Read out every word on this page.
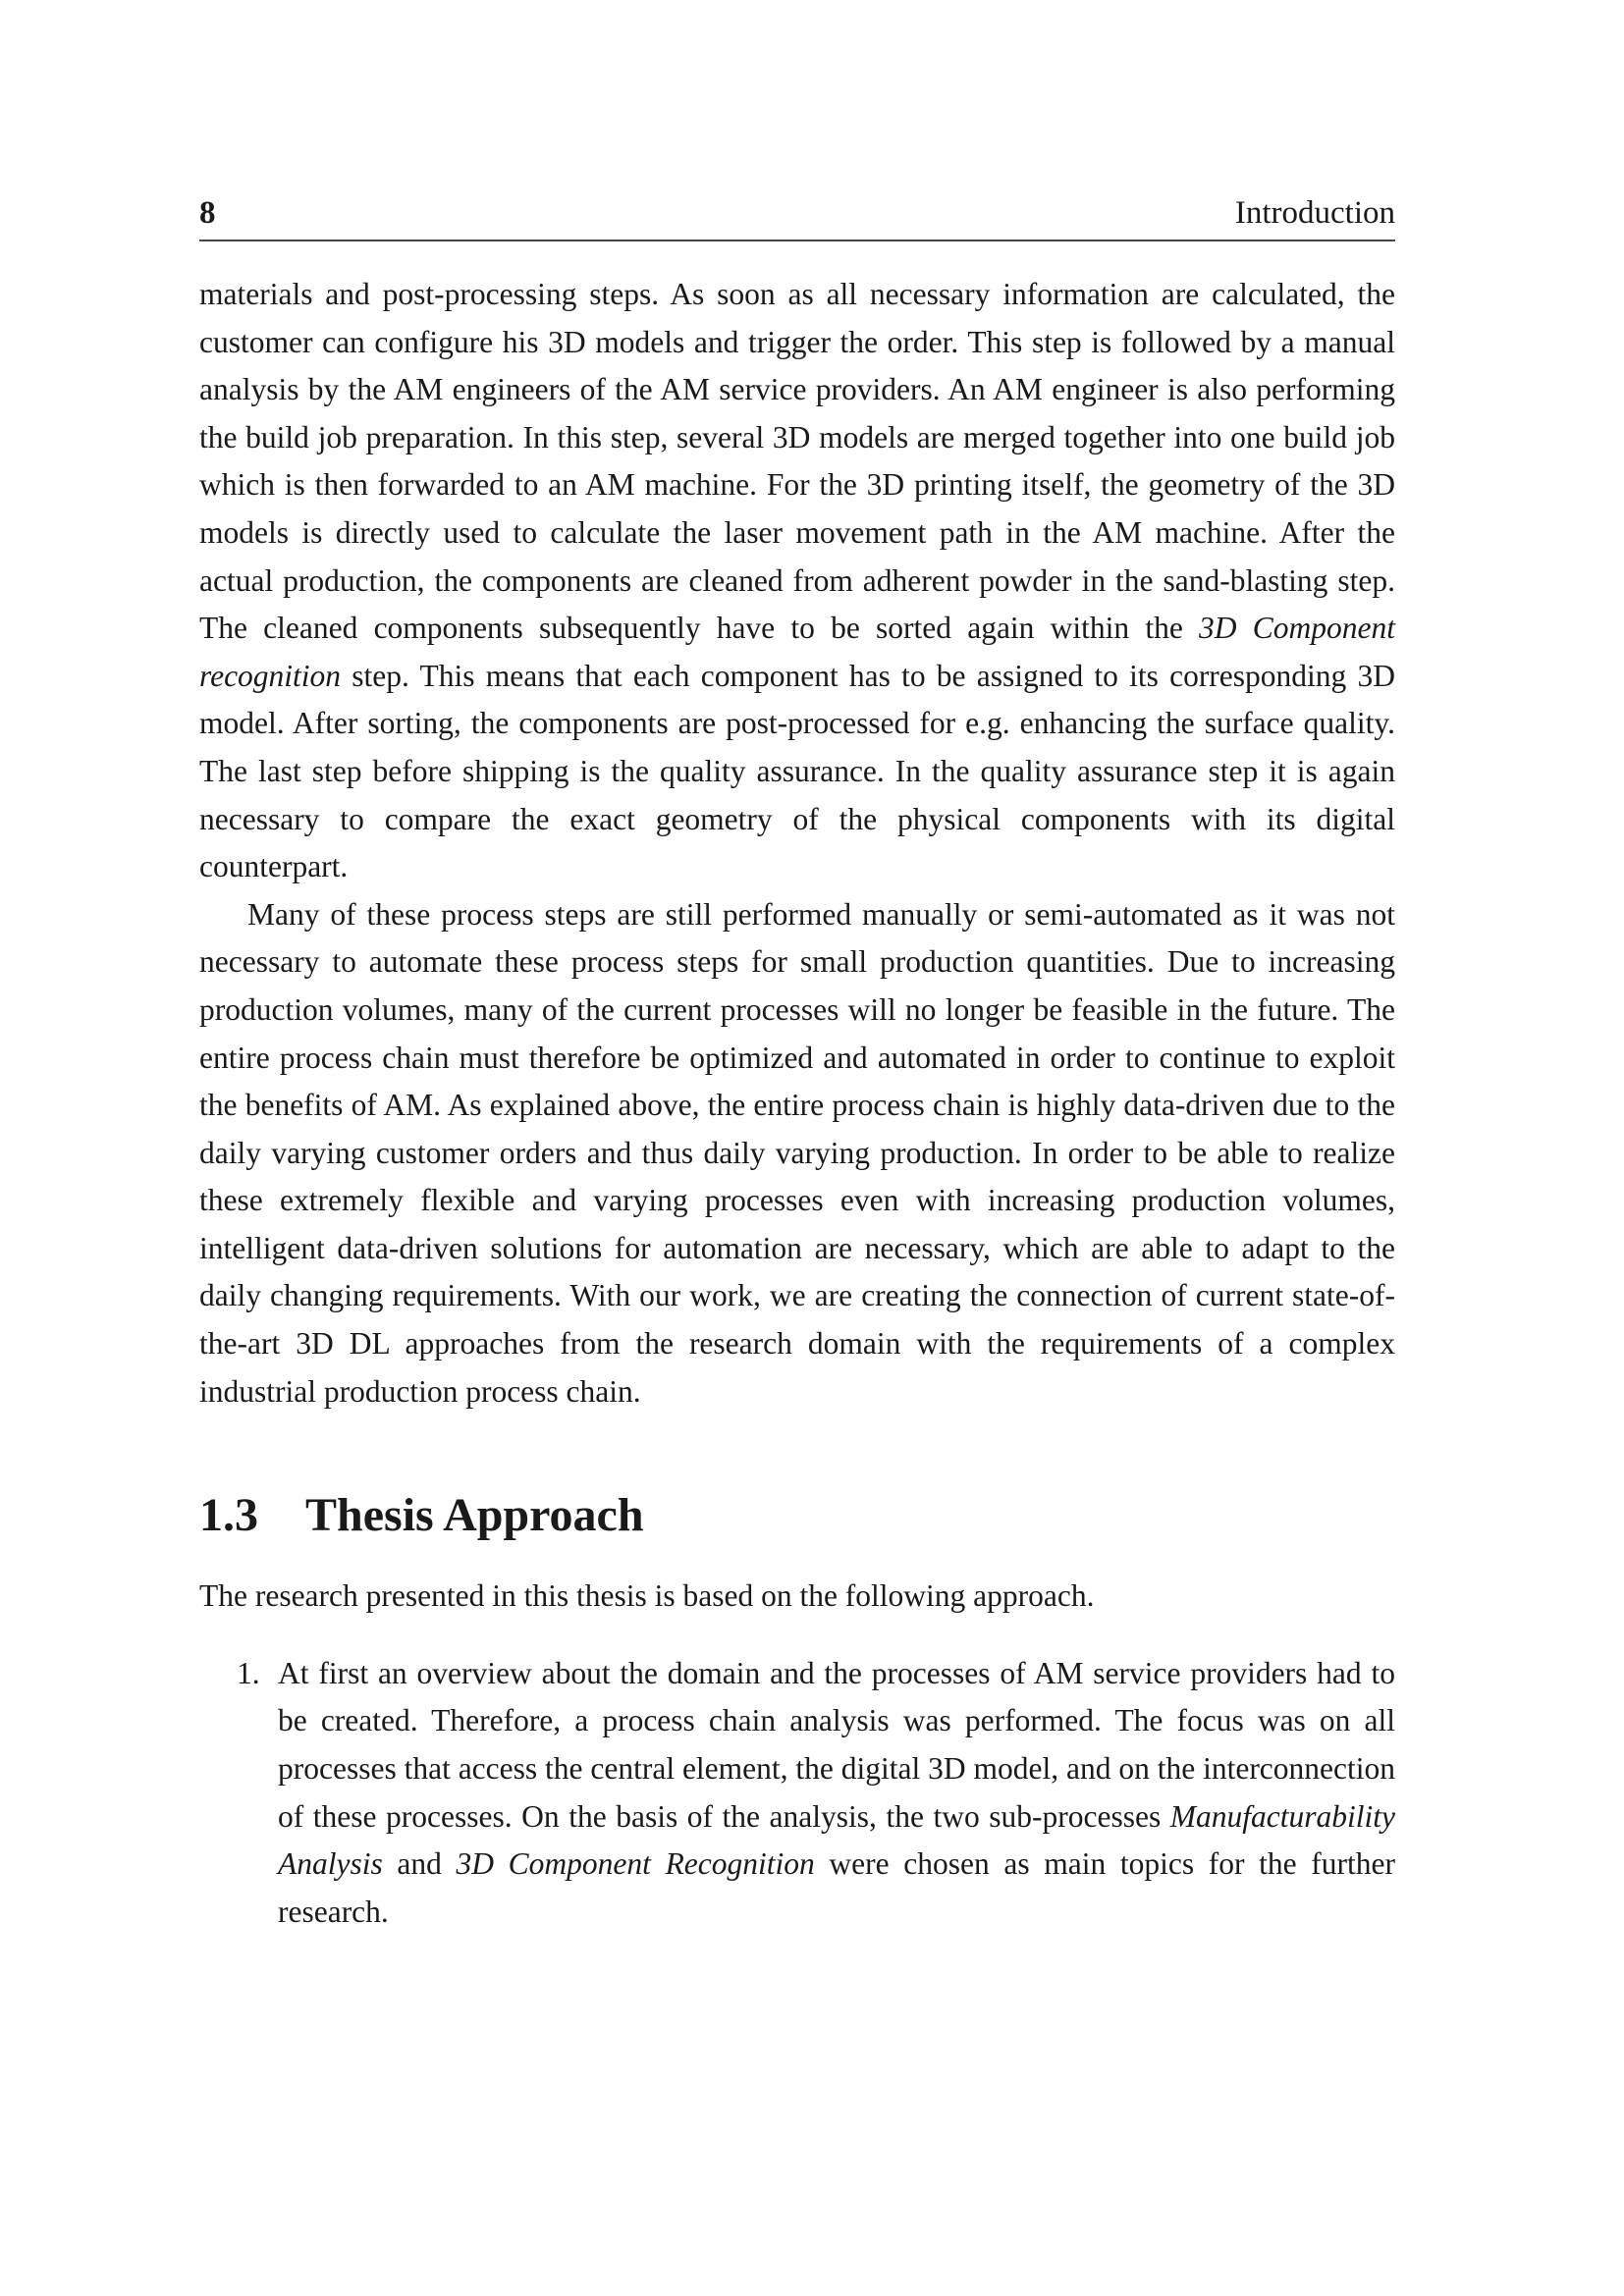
8	Introduction

materials and post-processing steps. As soon as all necessary information are calculated, the customer can configure his 3D models and trigger the order. This step is followed by a manual analysis by the AM engineers of the AM service providers. An AM engineer is also performing the build job preparation. In this step, several 3D models are merged together into one build job which is then forwarded to an AM machine. For the 3D printing itself, the geometry of the 3D models is directly used to calculate the laser movement path in the AM machine. After the actual production, the components are cleaned from adherent powder in the sand-blasting step. The cleaned components subsequently have to be sorted again within the 3D Component recognition step. This means that each component has to be assigned to its corresponding 3D model. After sorting, the components are post-processed for e.g. enhancing the surface quality. The last step before shipping is the quality assurance. In the quality assurance step it is again necessary to compare the exact geometry of the physical components with its digital counterpart.

Many of these process steps are still performed manually or semi-automated as it was not necessary to automate these process steps for small production quantities. Due to increasing production volumes, many of the current processes will no longer be feasible in the future. The entire process chain must therefore be optimized and automated in order to continue to exploit the benefits of AM. As explained above, the entire process chain is highly data-driven due to the daily varying customer orders and thus daily varying production. In order to be able to realize these extremely flexible and varying processes even with increasing production volumes, intelligent data-driven solutions for automation are necessary, which are able to adapt to the daily changing requirements. With our work, we are creating the connection of current state-of-the-art 3D DL approaches from the research domain with the requirements of a complex industrial production process chain.

1.3	Thesis Approach
The research presented in this thesis is based on the following approach.
1. At first an overview about the domain and the processes of AM service providers had to be created. Therefore, a process chain analysis was performed. The focus was on all processes that access the central element, the digital 3D model, and on the interconnection of these processes. On the basis of the analysis, the two sub-processes Manufacturability Analysis and 3D Component Recognition were chosen as main topics for the further research.
